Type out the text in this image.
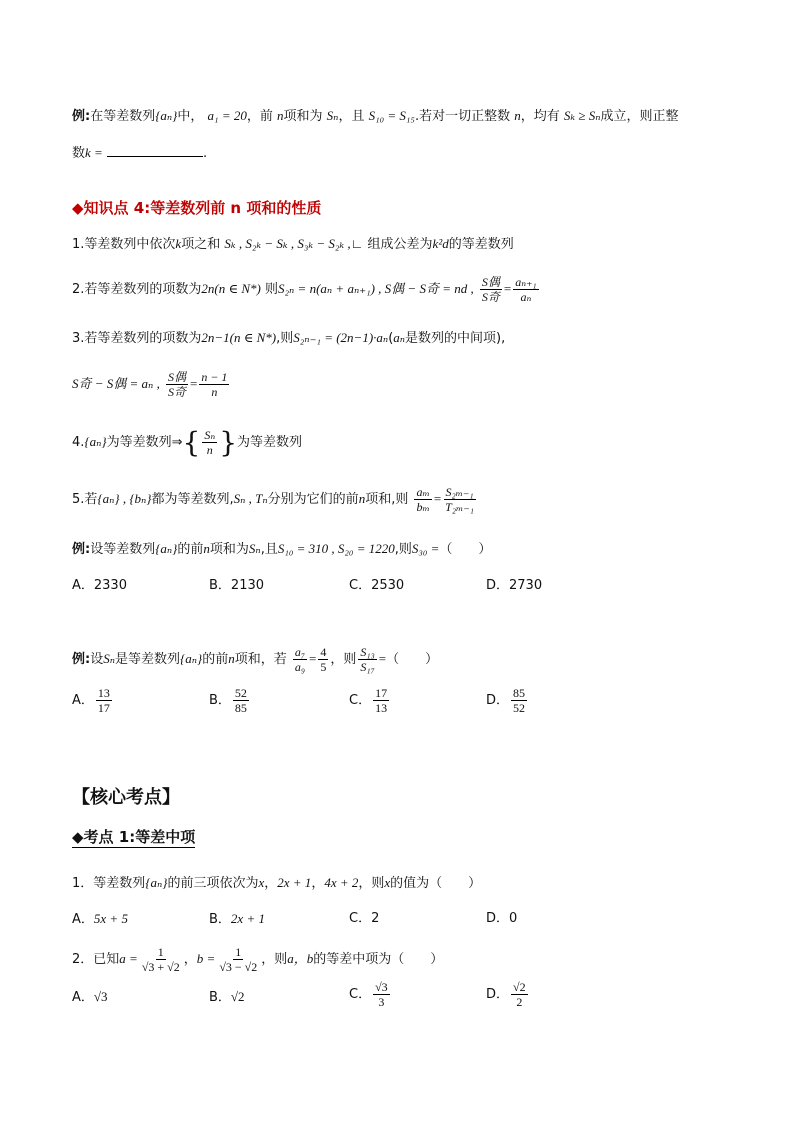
例:在等差数列{aₙ}中， a₁ = 20，前 n项和为 Sₙ，且 S₁₀ = S₁₅.若对一切正整数 n，均有 Sₖ ≥ Sₙ成立，则正整
数k =	.
◆知识点 4:等差数列前 n 项和的性质
1.等差数列中依次k项之和 Sₖ , S₂ₖ − Sₖ , S₃ₖ − S₂ₖ ,∟ 组成公差为k²d的等差数列
2.若等差数列的项数为2n(n ∈ N*) 则S₂ₙ = n(aₙ + aₙ₊₁) , S偶 − S奇 = nd , $\frac{\text{S偶}}{\text{S奇}} = \frac{\text{aₙ₊₁}}{\text{aₙ}}$
3.若等差数列的项数为2n−1(n ∈ N*),则S₂ₙ₋₁ = (2n−1)·aₙ(aₙ是数列的中间项),
S奇 − S偶 = aₙ , $\frac{\text{S偶}}{\text{S奇}} = \frac{n - 1}{n}$
4.{aₙ}为等差数列⇒{ $\frac{\text{Sₙ}}{n}$ }为等差数列
5.若{aₙ} , {bₙ}都为等差数列,Sₙ , Tₙ分别为它们的前n项和,则 $\frac{\text{aₘ}}{\text{bₘ}} = \frac{\text{S₂ₘ₋₁}}{\text{T₂ₘ₋₁}}$
例:设等差数列{aₙ}的前n项和为Sₙ,且S₁₀ = 310 , S₂₀ = 1220,则S₃₀ =（　　）
A．2330	B．2130	C．2530	D．2730
例:设Sₙ是等差数列{aₙ}的前n项和，若 $\frac{\text{a₇}}{\text{a₉}} = \frac{4}{5}$ ，则 $\frac{\text{S₁₃}}{\text{S₁₇}}$ =（　　）
A． $\frac{13}{17}$	B． $\frac{52}{85}$	C． $\frac{17}{13}$	D． $\frac{85}{52}$
【核心考点】
◆考点 1:等差中项
1．等差数列{aₙ}的前三项依次为x，2x + 1，4x + 2，则x的值为（　　）
A．5x + 5	B．2x + 1	C．2	D．0
2．已知$a = \frac{1}{√3 + √2}$ ，$b = \frac{1}{√3 - √2}$ ，则a，b的等差中项为（　　）
A．√3	B．√2	C． $\frac{√3}{3}$	D． $\frac{√2}{2}$
